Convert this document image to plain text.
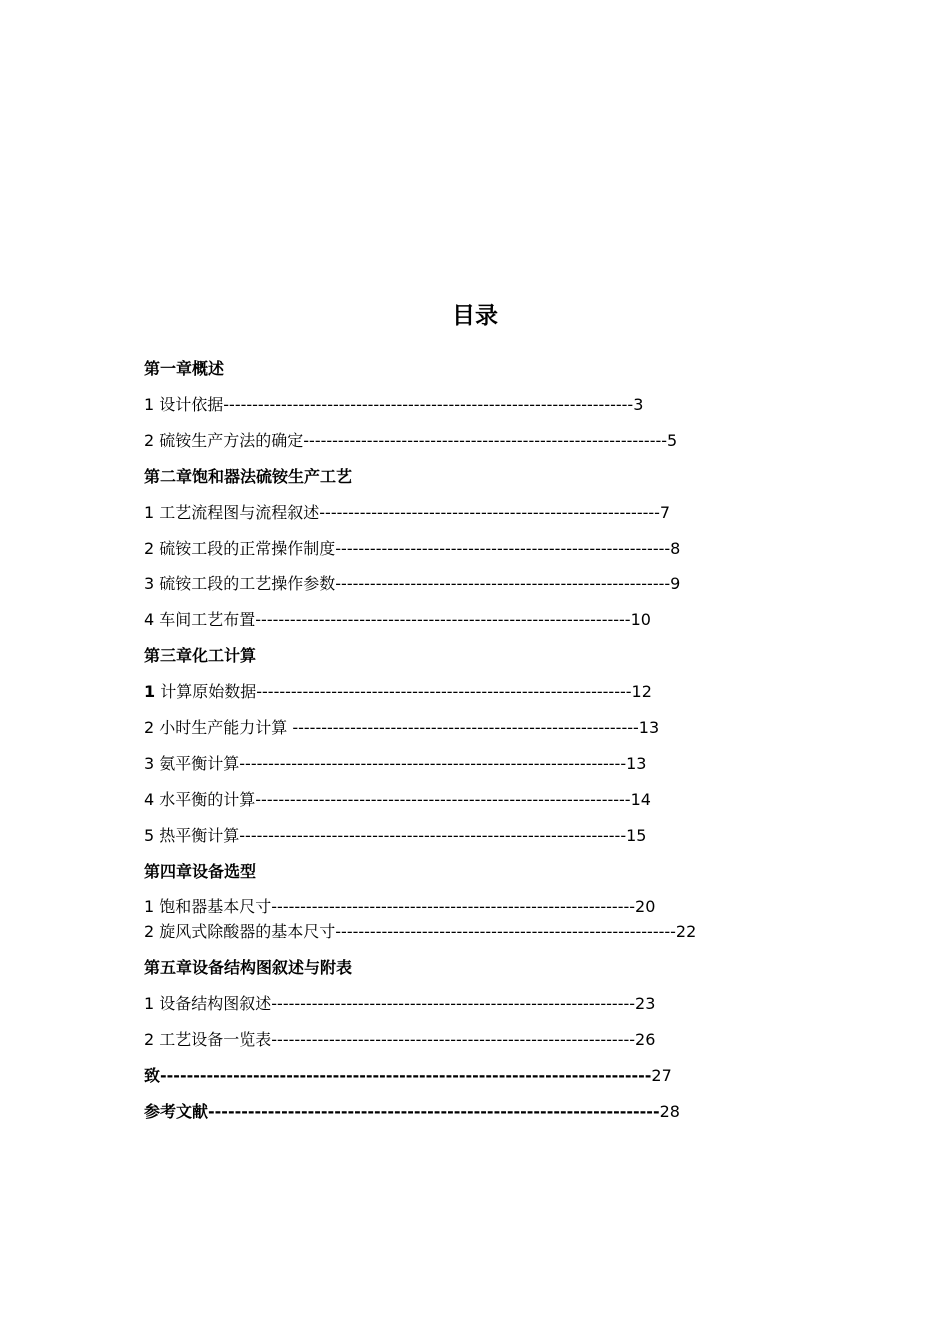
目录
第一章概述
1 设计依据-----------------------------------------------------------------------3
2 硫铵生产方法的确定---------------------------------------------------------------5
第二章饱和器法硫铵生产工艺
1 工艺流程图与流程叙述-----------------------------------------------------------7
2 硫铵工段的正常操作制度----------------------------------------------------------8
3 硫铵工段的工艺操作参数----------------------------------------------------------9
4 车间工艺布置-----------------------------------------------------------------10
第三章化工计算
1 计算原始数据-----------------------------------------------------------------12
2 小时生产能力计算 ------------------------------------------------------------13
3 氨平衡计算-------------------------------------------------------------------13
4 水平衡的计算-----------------------------------------------------------------14
5 热平衡计算-------------------------------------------------------------------15
第四章设备选型
1 饱和器基本尺寸---------------------------------------------------------------20
2 旋风式除酸器的基本尺寸-----------------------------------------------------------22
第五章设备结构图叙述与附表
1 设备结构图叙述---------------------------------------------------------------23
2 工艺设备一览表---------------------------------------------------------------26
致--------------------------------------------------------------------------27
参考文献--------------------------------------------------------------------28
